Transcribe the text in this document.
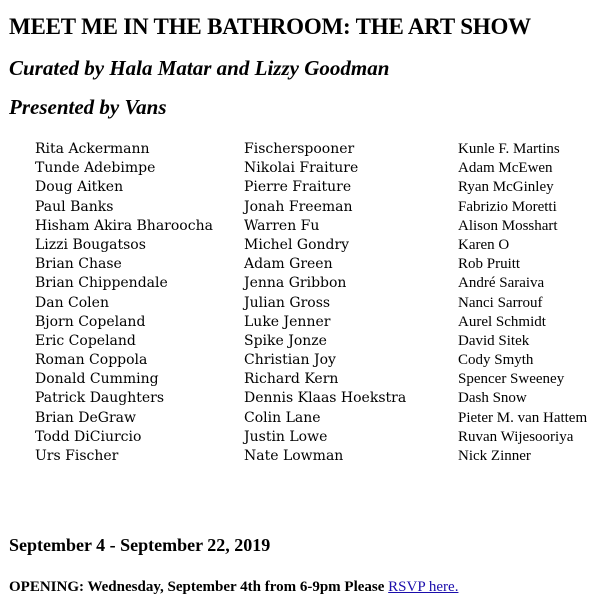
MEET ME IN THE BATHROOM: THE ART SHOW
Curated by Hala Matar and Lizzy Goodman
Presented by Vans
Rita Ackermann
Tunde Adebimpe
Doug Aitken
Paul Banks
Hisham Akira Bharoocha
Lizzi Bougatsos
Brian Chase
Brian Chippendale
Dan Colen
Bjorn Copeland
Eric Copeland
Roman Coppola
Donald Cumming
Patrick Daughters
Brian DeGraw
Todd DiCiurcio
Urs Fischer
Fischerspooner
Nikolai Fraiture
Pierre Fraiture
Jonah Freeman
Warren Fu
Michel Gondry
Adam Green
Jenna Gribbon
Julian Gross
Luke Jenner
Spike Jonze
Christian Joy
Richard Kern
Dennis Klaas Hoekstra
Colin Lane
Justin Lowe
Nate Lowman
Kunle F. Martins
Adam McEwen
Ryan McGinley
Fabrizio Moretti
Alison Mosshart
Karen O
Rob Pruitt
André Saraiva
Nanci Sarrouf
Aurel Schmidt
David Sitek
Cody Smyth
Spencer Sweeney
Dash Snow
Pieter M. van Hattem
Ruvan Wijesooriya
Nick Zinner

September 4 - September 22, 2019

OPENING: Wednesday, September 4th from 6-9pm Please RSVP here.
